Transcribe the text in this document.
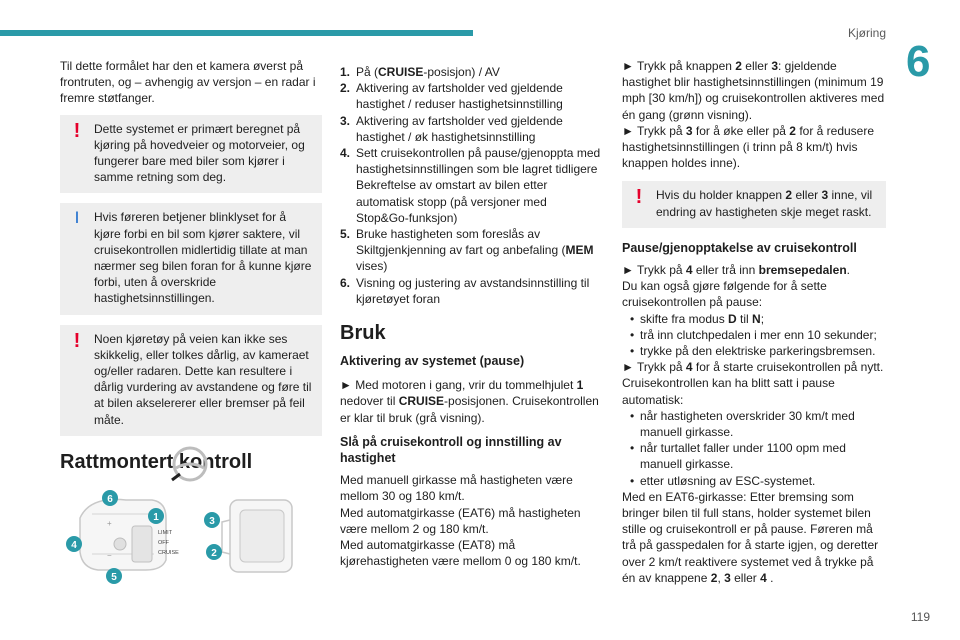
Kjøring
6
119

Til dette formålet har den et kamera øverst på frontruten, og – avhengig av versjon – en radar i fremre støtfanger.

!	Dette systemet er primært beregnet på kjøring på hovedveier og motorveier, og fungerer bare med biler som kjører i samme retning som deg.

ǀ	Hvis føreren betjener blinklyset for å kjøre forbi en bil som kjører saktere, vil cruisekontrollen midlertidig tillate at man nærmer seg bilen foran for å kunne kjøre forbi, uten å overskride hastighetsinnstillingen.

!	Noen kjøretøy på veien kan ikke ses skikkelig, eller tolkes dårlig, av kameraet og/eller radaren. Dette kan resultere i dårlig vurdering av avstandene og føre til at bilen akselererer eller bremser på feil måte.

Rattmontert kontroll
+
−
LIMIT
OFF
CRUISE
1
2
3
4
5
6
1. På (CRUISE-posisjon) / AV
2. Aktivering av fartsholder ved gjeldende hastighet / reduser hastighetsinnstilling
3. Aktivering av fartsholder ved gjeldende hastighet / øk hastighetsinnstilling
4. Sett cruisekontrollen på pause/gjenoppta med hastighetsinnstillingen som ble lagret tidligere
Bekreftelse av omstart av bilen etter automatisk stopp (på versjoner med Stop&Go-funksjon)
5. Bruke hastigheten som foreslås av Skiltgjenkjenning av fart og anbefaling (MEM vises)
6. Visning og justering av avstandsinnstilling til kjøretøyet foran
Bruk
Aktivering av systemet (pause)

► Med motoren i gang, vrir du tommelhjulet 1 nedover til CRUISE-posisjonen. Cruisekontrollen er klar til bruk (grå visning).

Slå på cruisekontroll og innstilling av hastighet

Med manuell girkasse må hastigheten være mellom 30 og 180 km/t.

Med automatgirkasse (EAT6) må hastigheten være mellom 2 og 180 km/t.

Med automatgirkasse (EAT8) må kjørehastigheten være mellom 0 og 180 km/t.

► Trykk på knappen 2 eller 3: gjeldende hastighet blir hastighetsinnstillingen (minimum 19 mph [30 km/h]) og cruisekontrollen aktiveres med én gang (grønn visning).
► Trykk på 3 for å øke eller på 2 for å redusere hastighetsinnstillingen (i trinn på 8 km/t) hvis knappen holdes inne).

!	Hvis du holder knappen 2 eller 3 inne, vil endring av hastigheten skje meget raskt.

Pause/gjenopptakelse av cruisekontroll

► Trykk på 4 eller trå inn bremsepedalen.
Du kan også gjøre følgende for å sette cruisekontrollen på pause:

• skifte fra modus D til N;
• trå inn clutchpedalen i mer enn 10 sekunder;
• trykke på den elektriske parkeringsbremsen.

► Trykk på 4 for å starte cruisekontrollen på nytt. Cruisekontrollen kan ha blitt satt i pause automatisk:

• når hastigheten overskrider 30 km/t med manuell girkasse.
• når turtallet faller under 1100 opm med manuell girkasse.
• etter utløsning av ESC-systemet.

Med en EAT6-girkasse: Etter bremsing som bringer bilen til full stans, holder systemet bilen stille og cruisekontroll er på pause. Føreren må trå på gasspedalen for å starte igjen, og deretter over 2 km/t reaktivere systemet ved å trykke på én av knappene 2, 3 eller 4 .
